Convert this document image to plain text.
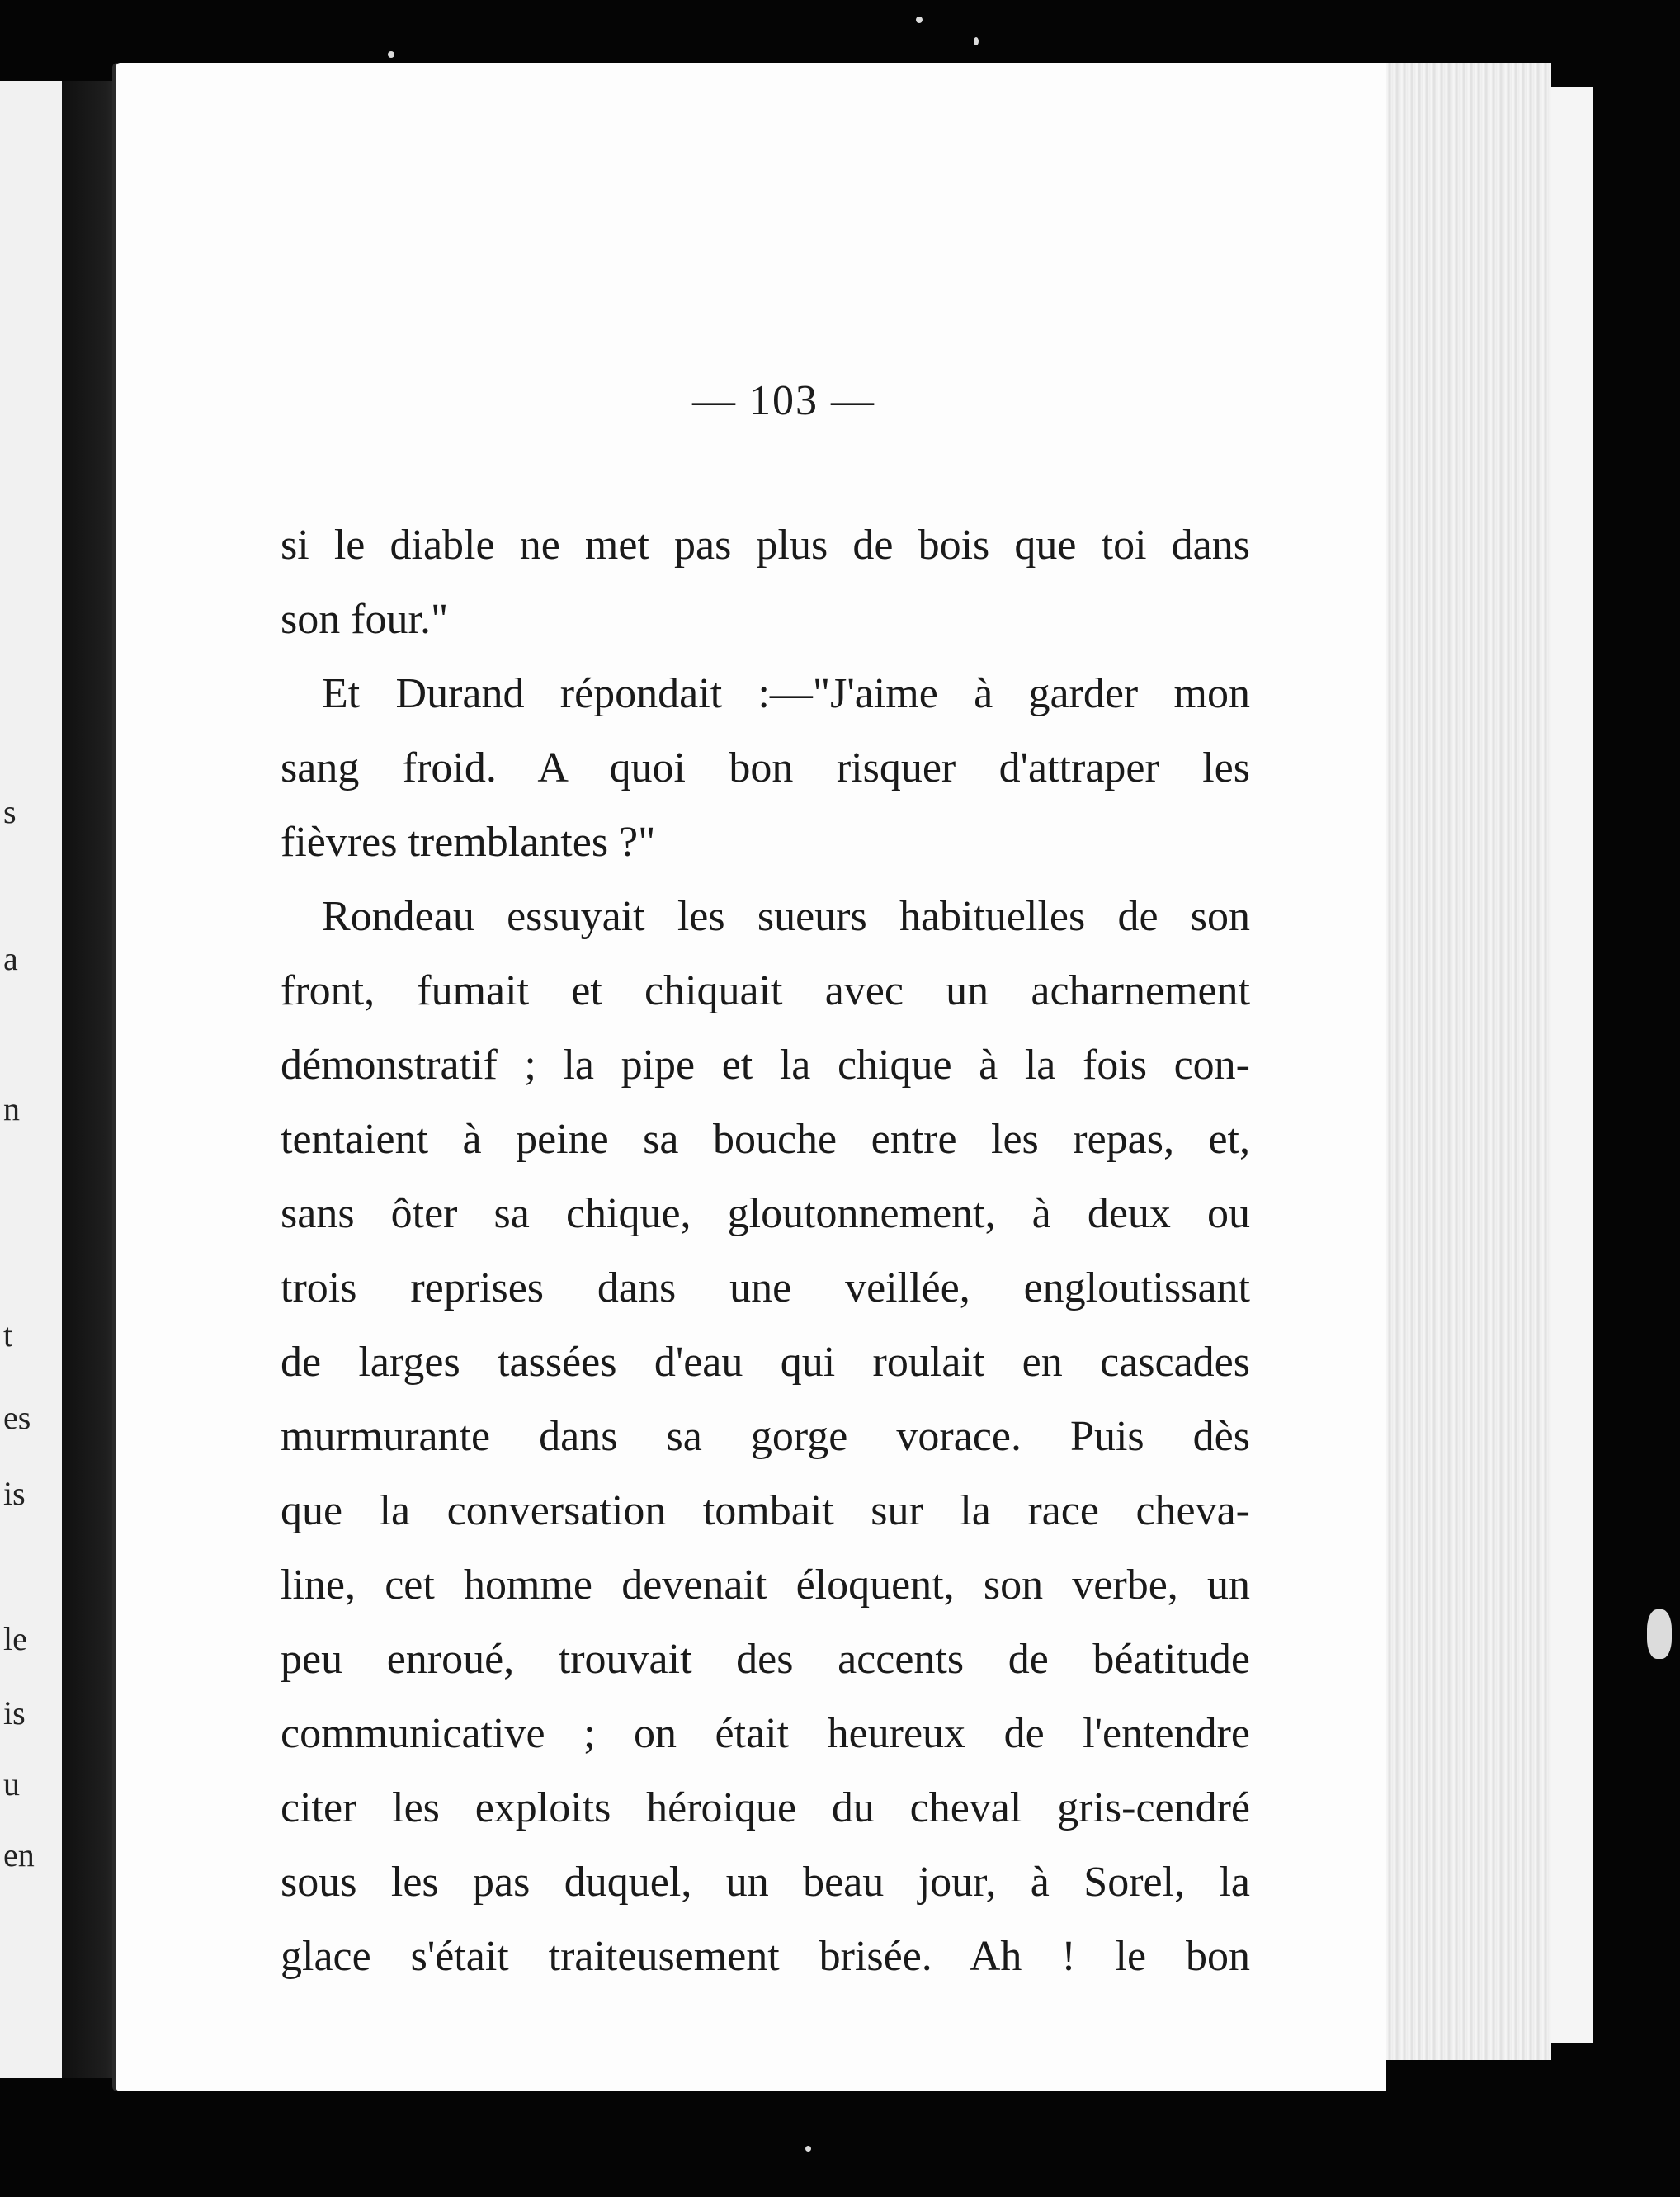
s
a
n
t
es
is
le
is
u
en
— 103 —
si le diable ne met pas plus de bois que toi dans
son four."
Et Durand répondait :—"J'aime à garder mon
sang froid. A quoi bon risquer d'attraper les
fièvres tremblantes ?"
Rondeau essuyait les sueurs habituelles de son
front, fumait et chiquait avec un acharnement
démonstratif ; la pipe et la chique à la fois con-
tentaient à peine sa bouche entre les repas, et,
sans ôter sa chique, gloutonnement, à deux ou
trois reprises dans une veillée, engloutissant
de larges tassées d'eau qui roulait en cascades
murmurante dans sa gorge vorace. Puis dès
que la conversation tombait sur la race cheva-
line, cet homme devenait éloquent, son verbe, un
peu enroué, trouvait des accents de béatitude
communicative ; on était heureux de l'entendre
citer les exploits héroique du cheval gris-cendré
sous les pas duquel, un beau jour, à Sorel, la
glace s'était traiteusement brisée. Ah ! le bon
